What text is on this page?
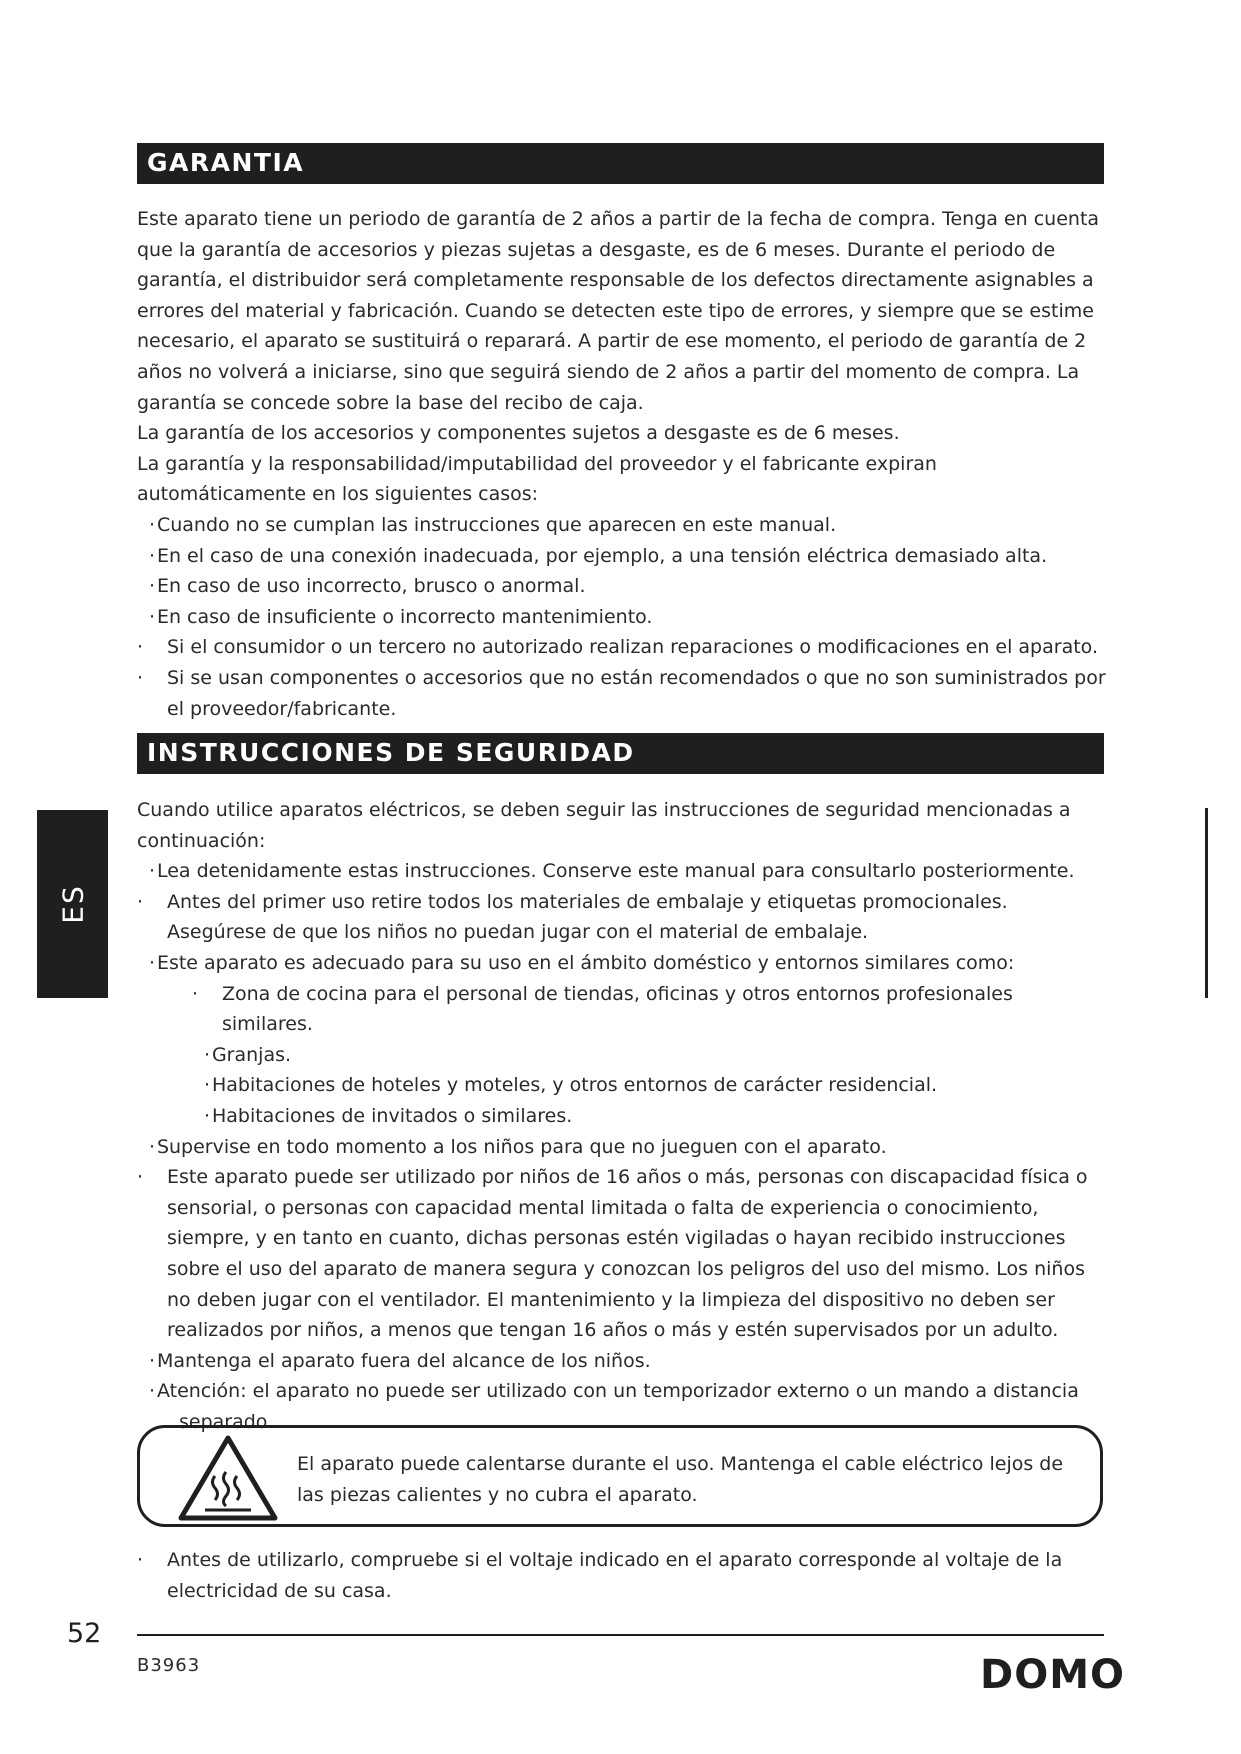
GARANTIA

Este aparato tiene un periodo de garantía de 2 años a partir de la fecha de compra. Tenga en cuenta que la garantía de accesorios y piezas sujetas a desgaste, es de 6 meses. Durante el periodo de garantía, el distribuidor será completamente responsable de los defectos directamente asignables a errores del material y fabricación. Cuando se detecten este tipo de errores, y siempre que se estime necesario, el aparato se sustituirá o reparará. A partir de ese momento, el periodo de garantía de 2 años no volverá a iniciarse, sino que seguirá siendo de 2 años a partir del momento de compra. La garantía se concede sobre la base del recibo de caja.

La garantía de los accesorios y componentes sujetos a desgaste es de 6 meses.

La garantía y la responsabilidad/imputabilidad del proveedor y el fabricante expiran automáticamente en los siguientes casos:

·  Cuando no se cumplan las instrucciones que aparecen en este manual.

·  En el caso de una conexión inadecuada, por ejemplo, a una tensión eléctrica demasiado alta.

·  En caso de uso incorrecto, brusco o anormal.

·  En caso de insuficiente o incorrecto mantenimiento.

· Si el consumidor o un tercero no autorizado realizan reparaciones o modificaciones en el aparato.

· Si se usan componentes o accesorios que no están recomendados o que no son suministrados por el proveedor/fabricante.

INSTRUCCIONES DE SEGURIDAD

Cuando utilice aparatos eléctricos, se deben seguir las instrucciones de seguridad mencionadas a continuación:

·  Lea detenidamente estas instrucciones. Conserve este manual para consultarlo posteriormente.

· Antes del primer uso retire todos los materiales de embalaje y etiquetas promocionales. Asegúrese de que los niños no puedan jugar con el material de embalaje.

·  Este aparato es adecuado para su uso en el ámbito doméstico y entornos similares como:

· Zona de cocina para el personal de tiendas, oficinas y otros entornos profesionales similares.

·  Granjas.

·  Habitaciones de hoteles y moteles, y otros entornos de carácter residencial.

·  Habitaciones de invitados o similares.

·  Supervise en todo momento a los niños para que no jueguen con el aparato.

· Este aparato puede ser utilizado por niños de 16 años o más, personas con discapacidad física o sensorial, o personas con capacidad mental limitada o falta de experiencia o conocimiento, siempre, y en tanto en cuanto, dichas personas estén vigiladas o hayan recibido instrucciones sobre el uso del aparato de manera segura y conozcan los peligros del uso del mismo. Los niños no deben jugar con el ventilador. El mantenimiento y la limpieza del dispositivo no deben ser realizados por niños, a menos que tengan 16 años o más y estén supervisados por un adulto.

·  Mantenga el aparato fuera del alcance de los niños.

·  Atención: el aparato no puede ser utilizado con un temporizador externo o un mando a distancia separado.

El aparato puede calentarse durante el uso. Mantenga el cable eléctrico lejos de las piezas calientes y no cubra el aparato.

· Antes de utilizarlo, compruebe si el voltaje indicado en el aparato corresponde al voltaje de la electricidad de su casa.

ES
52
B3963	DOMO
